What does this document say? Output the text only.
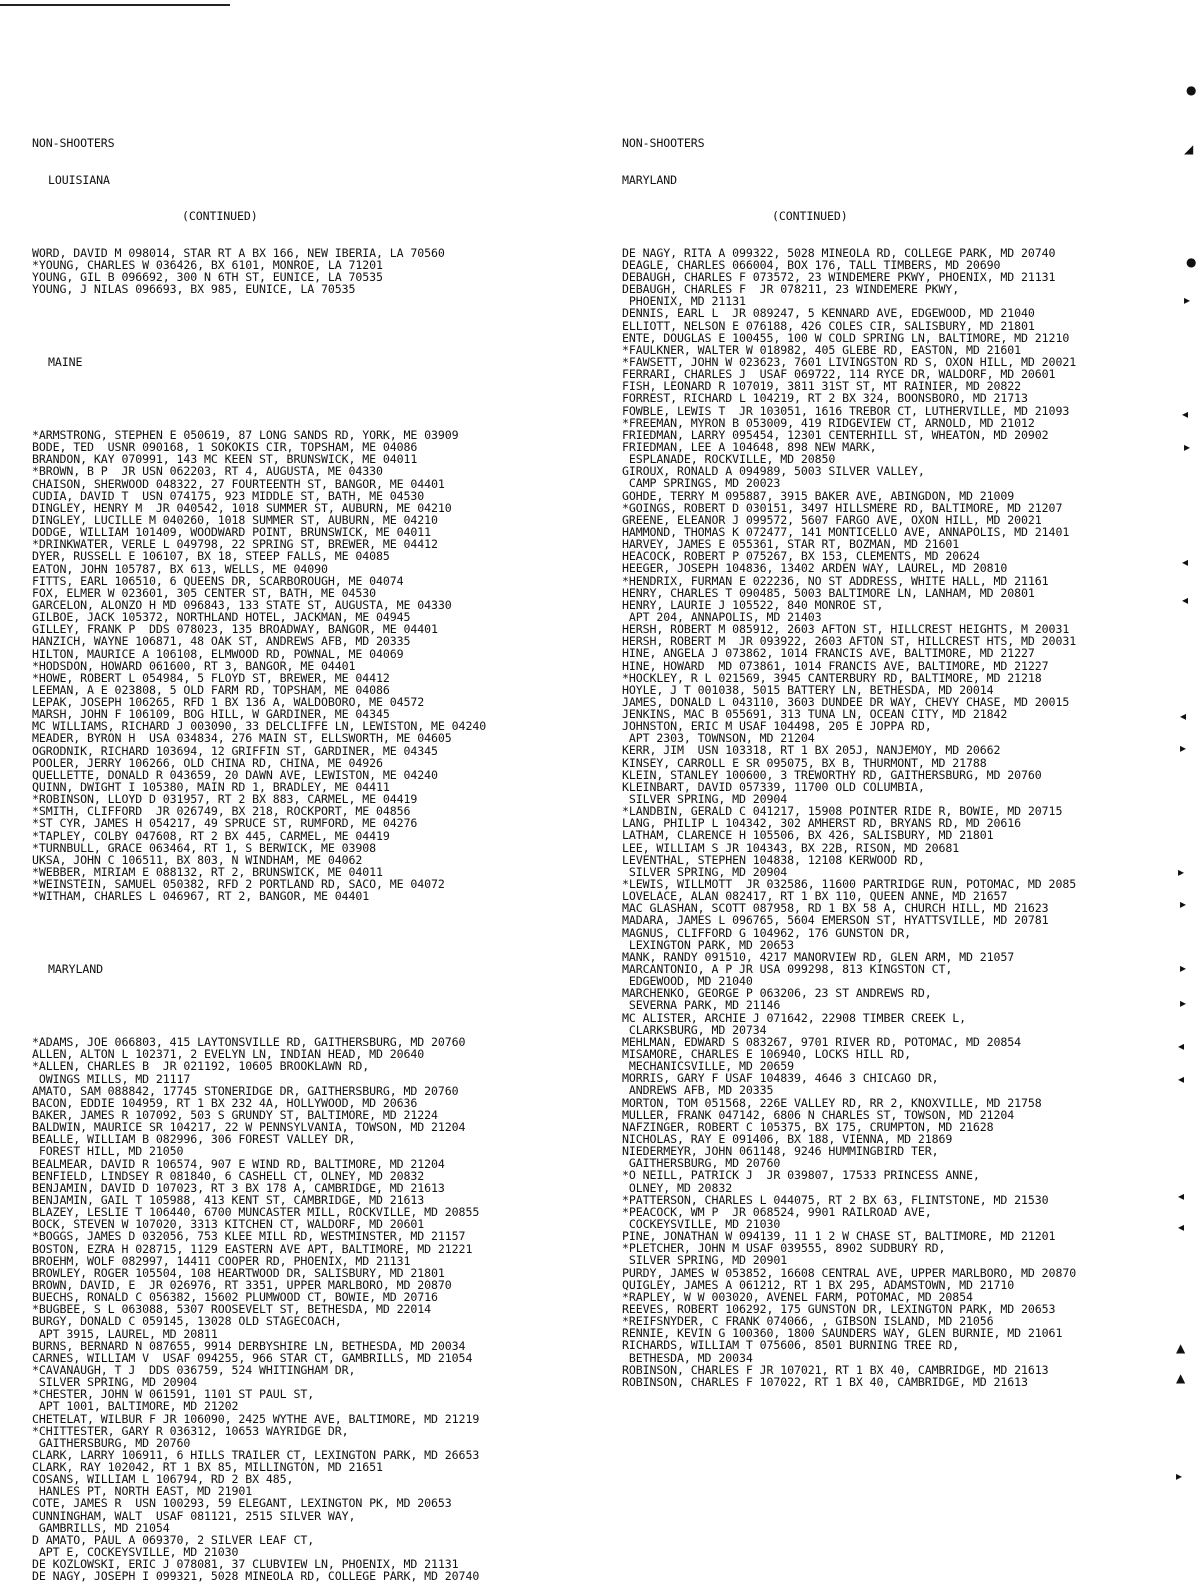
NON-SHOOTERS

LOUISIANA

(CONTINUED)

WORD, DAVID M 098014, STAR RT A BX 166, NEW IBERIA, LA 70560
*YOUNG, CHARLES W 036426, BX 6101, MONROE, LA 71201
YOUNG, GIL B 096692, 300 N 6TH ST, EUNICE, LA 70535
YOUNG, J NILAS 096693, BX 985, EUNICE, LA 70535

MAINE

*ARMSTRONG, STEPHEN E 050619, 87 LONG SANDS RD, YORK, ME 03909
BODE, TED  USNR 090168, 1 SOKOKIS CIR, TOPSHAM, ME 04086
BRANDON, KAY 070991, 143 MC KEEN ST, BRUNSWICK, ME 04011
*BROWN, B P  JR USN 062203, RT 4, AUGUSTA, ME 04330
CHAISON, SHERWOOD 048322, 27 FOURTEENTH ST, BANGOR, ME 04401
CUDIA, DAVID T  USN 074175, 923 MIDDLE ST, BATH, ME 04530
DINGLEY, HENRY M  JR 040542, 1018 SUMMER ST, AUBURN, ME 04210
DINGLEY, LUCILLE M 040260, 1018 SUMMER ST, AUBURN, ME 04210
DODGE, WILLIAM 101409, WOODWARD POINT, BRUNSWICK, ME 04011
*DRINKWATER, VERLE L 049798, 22 SPRING ST, BREWER, ME 04412
DYER, RUSSELL E 106107, BX 18, STEEP FALLS, ME 04085
EATON, JOHN 105787, BX 613, WELLS, ME 04090
FITTS, EARL 106510, 6 QUEENS DR, SCARBOROUGH, ME 04074
FOX, ELMER W 023601, 305 CENTER ST, BATH, ME 04530
GARCELON, ALONZO H MD 096843, 133 STATE ST, AUGUSTA, ME 04330
GILBOE, JACK 105372, NORTHLAND HOTEL, JACKMAN, ME 04945
GILLEY, FRANK P  DDS 078023, 135 BROADWAY, BANGOR, ME 04401
HANZICH, WAYNE 106871, 48 OAK ST, ANDREWS AFB, MD 20335
HILTON, MAURICE A 106108, ELMWOOD RD, POWNAL, ME 04069
*HODSDON, HOWARD 061600, RT 3, BANGOR, ME 04401
*HOWE, ROBERT L 054984, 5 FLOYD ST, BREWER, ME 04412
LEEMAN, A E 023808, 5 OLD FARM RD, TOPSHAM, ME 04086
LEPAK, JOSEPH 106265, RFD 1 BX 136 A, WALDOBORO, ME 04572
MARSH, JOHN F 106109, BOG HILL, W GARDINER, ME 04345
MC WILLIAMS, RICHARD J 003090, 33 DELCLIFFE LN, LEWISTON, ME 04240
MEADER, BYRON H  USA 034834, 276 MAIN ST, ELLSWORTH, ME 04605
OGRODNIK, RICHARD 103694, 12 GRIFFIN ST, GARDINER, ME 04345
POOLER, JERRY 106266, OLD CHINA RD, CHINA, ME 04926
QUELLETTE, DONALD R 043659, 20 DAWN AVE, LEWISTON, ME 04240
QUINN, DWIGHT I 105380, MAIN RD 1, BRADLEY, ME 04411
*ROBINSON, LLOYD D 031957, RT 2 BX 883, CARMEL, ME 04419
*SMITH, CLIFFORD  JR 026749, BX 218, ROCKPORT, ME 04856
*ST CYR, JAMES H 054217, 49 SPRUCE ST, RUMFORD, ME 04276
*TAPLEY, COLBY 047608, RT 2 BX 445, CARMEL, ME 04419
*TURNBULL, GRACE 063464, RT 1, S BERWICK, ME 03908
UKSA, JOHN C 106511, BX 803, N WINDHAM, ME 04062
*WEBBER, MIRIAM E 088132, RT 2, BRUNSWICK, ME 04011
*WEINSTEIN, SAMUEL 050382, RFD 2 PORTLAND RD, SACO, ME 04072
*WITHAM, CHARLES L 046967, RT 2, BANGOR, ME 04401

MARYLAND

*ADAMS, JOE 066803, 415 LAYTONSVILLE RD, GAITHERSBURG, MD 20760
ALLEN, ALTON L 102371, 2 EVELYN LN, INDIAN HEAD, MD 20640
*ALLEN, CHARLES B  JR 021192, 10605 BROOKLAWN RD,
OWINGS MILLS, MD 21117
AMATO, SAM 088842, 17745 STONERIDGE DR, GAITHERSBURG, MD 20760
BACON, EDDIE 104959, RT 1 BX 232 4A, HOLLYWOOD, MD 20636
BAKER, JAMES R 107092, 503 S GRUNDY ST, BALTIMORE, MD 21224
BALDWIN, MAURICE SR 104217, 22 W PENNSYLVANIA, TOWSON, MD 21204
BEALLE, WILLIAM B 082996, 306 FOREST VALLEY DR,
FOREST HILL, MD 21050
BEALMEAR, DAVID R 106574, 907 E WIND RD, BALTIMORE, MD 21204
BENFIELD, LINDSEY R 081840, 6 CASHELL CT, OLNEY, MD 20832
BENJAMIN, DAVID D 107023, RT 3 BX 178 A, CAMBRIDGE, MD 21613
BENJAMIN, GAIL T 105988, 413 KENT ST, CAMBRIDGE, MD 21613
BLAZEY, LESLIE T 106440, 6700 MUNCASTER MILL, ROCKVILLE, MD 20855
BOCK, STEVEN W 107020, 3313 KITCHEN CT, WALDORF, MD 20601
*BOGGS, JAMES D 032056, 753 KLEE MILL RD, WESTMINSTER, MD 21157
BOSTON, EZRA H 028715, 1129 EASTERN AVE APT, BALTIMORE, MD 21221
BROEHM, WOLF 082997, 14411 COOPER RD, PHOENIX, MD 21131
BROWLEY, ROGER 105504, 108 HEARTWOOD DR, SALISBURY, MD 21801
BROWN, DAVID, E  JR 026976, RT 3351, UPPER MARLBORO, MD 20870
BUECHS, RONALD C 056382, 15602 PLUMWOOD CT, BOWIE, MD 20716
*BUGBEE, S L 063088, 5307 ROOSEVELT ST, BETHESDA, MD 22014
BURGY, DONALD C 059145, 13028 OLD STAGECOACH,
APT 3915, LAUREL, MD 20811
BURNS, BERNARD N 087655, 9914 DERBYSHIRE LN, BETHESDA, MD 20034
CARNES, WILLIAM V  USAF 094255, 966 STAR CT, GAMBRILLS, MD 21054
*CAVANAUGH, T J  DDS 036759, 524 WHITINGHAM DR,
SILVER SPRING, MD 20904
*CHESTER, JOHN W 061591, 1101 ST PAUL ST,
APT 1001, BALTIMORE, MD 21202
CHETELAT, WILBUR F JR 106090, 2425 WYTHE AVE, BALTIMORE, MD 21219
*CHITTESTER, GARY R 036312, 10653 WAYRIDGE DR,
GAITHERSBURG, MD 20760
CLARK, LARRY 106911, 6 HILLS TRAILER CT, LEXINGTON PARK, MD 26653
CLARK, RAY 102042, RT 1 BX 85, MILLINGTON, MD 21651
COSANS, WILLIAM L 106794, RD 2 BX 485,
HANLES PT, NORTH EAST, MD 21901
COTE, JAMES R  USN 100293, 59 ELEGANT, LEXINGTON PK, MD 20653
CUNNINGHAM, WALT  USAF 081121, 2515 SILVER WAY,
GAMBRILLS, MD 21054
D AMATO, PAUL A 069370, 2 SILVER LEAF CT,
APT E, COCKEYSVILLE, MD 21030
DE KOZLOWSKI, ERIC J 078081, 37 CLUBVIEW LN, PHOENIX, MD 21131
DE NAGY, JOSEPH I 099321, 5028 MINEOLA RD, COLLEGE PARK, MD 20740

NON-SHOOTERS

MARYLAND

(CONTINUED)

DE NAGY, RITA A 099322, 5028 MINEOLA RD, COLLEGE PARK, MD 20740
DEAGLE, CHARLES 066004, BOX 176, TALL TIMBERS, MD 20690
DEBAUGH, CHARLES F 073572, 23 WINDEMERE PKWY, PHOENIX, MD 21131
DEBAUGH, CHARLES F  JR 078211, 23 WINDEMERE PKWY,
PHOENIX, MD 21131
DENNIS, EARL L  JR 089247, 5 KENNARD AVE, EDGEWOOD, MD 21040
ELLIOTT, NELSON E 076188, 426 COLES CIR, SALISBURY, MD 21801
ENTE, DOUGLAS E 100455, 100 W COLD SPRING LN, BALTIMORE, MD 21210
*FAULKNER, WALTER W 018982, 405 GLEBE RD, EASTON, MD 21601
*FAWSETT, JOHN W 023623, 7601 LIVINGSTON RD S, OXON HILL, MD 20021
FERRARI, CHARLES J  USAF 069722, 114 RYCE DR, WALDORF, MD 20601
FISH, LEONARD R 107019, 3811 31ST ST, MT RAINIER, MD 20822
FORREST, RICHARD L 104219, RT 2 BX 324, BOONSBORO, MD 21713
FOWBLE, LEWIS T  JR 103051, 1616 TREBOR CT, LUTHERVILLE, MD 21093
*FREEMAN, MYRON B 053009, 419 RIDGEVIEW CT, ARNOLD, MD 21012
FRIEDMAN, LARRY 095454, 12301 CENTERHILL ST, WHEATON, MD 20902
FRIEDMAN, LEE A 104648, 898 NEW MARK,
ESPLANADE, ROCKVILLE, MD 20850
GIROUX, RONALD A 094989, 5003 SILVER VALLEY,
CAMP SPRINGS, MD 20023
GOHDE, TERRY M 095887, 3915 BAKER AVE, ABINGDON, MD 21009
*GOINGS, ROBERT D 030151, 3497 HILLSMERE RD, BALTIMORE, MD 21207
GREENE, ELEANOR J 099572, 5607 FARGO AVE, OXON HILL, MD 20021
HAMMOND, THOMAS K 072477, 141 MONTICELLO AVE, ANNAPOLIS, MD 21401
HARVEY, JAMES E 055361, STAR RT, BOZMAN, MD 21601
HEACOCK, ROBERT P 075267, BX 153, CLEMENTS, MD 20624
HEEGER, JOSEPH 104836, 13402 ARDEN WAY, LAUREL, MD 20810
*HENDRIX, FURMAN E 022236, NO ST ADDRESS, WHITE HALL, MD 21161
HENRY, CHARLES T 090485, 5003 BALTIMORE LN, LANHAM, MD 20801
HENRY, LAURIE J 105522, 840 MONROE ST,
APT 204, ANNAPOLIS, MD 21403
HERSH, ROBERT M 085912, 2603 AFTON ST, HILLCREST HEIGHTS, M 20031
HERSH, ROBERT M  JR 093922, 2603 AFTON ST, HILLCREST HTS, MD 20031
HINE, ANGELA J 073862, 1014 FRANCIS AVE, BALTIMORE, MD 21227
HINE, HOWARD  MD 073861, 1014 FRANCIS AVE, BALTIMORE, MD 21227
*HOCKLEY, R L 021569, 3945 CANTERBURY RD, BALTIMORE, MD 21218
HOYLE, J T 001038, 5015 BATTERY LN, BETHESDA, MD 20014
JAMES, DONALD L 043110, 3603 DUNDEE DR WAY, CHEVY CHASE, MD 20015
JENKINS, MAC B 055691, 313 TUNA LN, OCEAN CITY, MD 21842
JOHNSTON, ERIC M USAF 104498, 205 E JOPPA RD,
APT 2303, TOWNSON, MD 21204
KERR, JIM  USN 103318, RT 1 BX 205J, NANJEMOY, MD 20662
KINSEY, CARROLL E SR 095075, BX B, THURMONT, MD 21788
KLEIN, STANLEY 100600, 3 TREWORTHY RD, GAITHERSBURG, MD 20760
KLEINBART, DAVID 057339, 11700 OLD COLUMBIA,
SILVER SPRING, MD 20904
*LANDBIN, GERALD C 041217, 15908 POINTER RIDE R, BOWIE, MD 20715
LANG, PHILIP L 104342, 302 AMHERST RD, BRYANS RD, MD 20616
LATHAM, CLARENCE H 105506, BX 426, SALISBURY, MD 21801
LEE, WILLIAM S JR 104343, BX 22B, RISON, MD 20681
LEVENTHAL, STEPHEN 104838, 12108 KERWOOD RD,
SILVER SPRING, MD 20904
*LEWIS, WILLMOTT  JR 032586, 11600 PARTRIDGE RUN, POTOMAC, MD 2085
LOVELACE, ALAN 082417, RT 1 BX 110, QUEEN ANNE, MD 21657
MAC GLASHAN, SCOTT 087958, RD 1 BX 58 A, CHURCH HILL, MD 21623
MADARA, JAMES L 096765, 5604 EMERSON ST, HYATTSVILLE, MD 20781
MAGNUS, CLIFFORD G 104962, 176 GUNSTON DR,
LEXINGTON PARK, MD 20653
MANK, RANDY 091510, 4217 MANORVIEW RD, GLEN ARM, MD 21057
MARCANTONIO, A P JR USA 099298, 813 KINGSTON CT,
EDGEWOOD, MD 21040
MARCHENKO, GEORGE P 063206, 23 ST ANDREWS RD,
SEVERNA PARK, MD 21146
MC ALISTER, ARCHIE J 071642, 22908 TIMBER CREEK L,
CLARKSBURG, MD 20734
MEHLMAN, EDWARD S 083267, 9701 RIVER RD, POTOMAC, MD 20854
MISAMORE, CHARLES E 106940, LOCKS HILL RD,
MECHANICSVILLE, MD 20659
MORRIS, GARY F USAF 104839, 4646 3 CHICAGO DR,
ANDREWS AFB, MD 20335
MORTON, TOM 051568, 226E VALLEY RD, RR 2, KNOXVILLE, MD 21758
MULLER, FRANK 047142, 6806 N CHARLES ST, TOWSON, MD 21204
NAFZINGER, ROBERT C 105375, BX 175, CRUMPTON, MD 21628
NICHOLAS, RAY E 091406, BX 188, VIENNA, MD 21869
NIEDERMEYR, JOHN 061148, 9246 HUMMINGBIRD TER,
GAITHERSBURG, MD 20760
*O NEILL, PATRICK J  JR 039807, 17533 PRINCESS ANNE,
OLNEY, MD 20832
*PATTERSON, CHARLES L 044075, RT 2 BX 63, FLINTSTONE, MD 21530
*PEACOCK, WM P  JR 068524, 9901 RAILROAD AVE,
COCKEYSVILLE, MD 21030
PINE, JONATHAN W 094139, 11 1 2 W CHASE ST, BALTIMORE, MD 21201
*PLETCHER, JOHN M USAF 039555, 8902 SUDBURY RD,
SILVER SPRING, MD 20901
PURDY, JAMES W 053852, 16608 CENTRAL AVE, UPPER MARLBORO, MD 20870
QUIGLEY, JAMES A 061212, RT 1 BX 295, ADAMSTOWN, MD 21710
*RAPLEY, W W 003020, AVENEL FARM, POTOMAC, MD 20854
REEVES, ROBERT 106292, 175 GUNSTON DR, LEXINGTON PARK, MD 20653
*REIFSNYDER, C FRANK 074066, , GIBSON ISLAND, MD 21056
RENNIE, KEVIN G 100360, 1800 SAUNDERS WAY, GLEN BURNIE, MD 21061
RICHARDS, WILLIAM T 075606, 8501 BURNING TREE RD,
BETHESDA, MD 20034
ROBINSON, CHARLES F JR 107021, RT 1 BX 40, CAMBRIDGE, MD 21613
ROBINSON, CHARLES F 107022, RT 1 BX 40, CAMBRIDGE, MD 21613

●
◢
●
▸
◂
▸
◂
◂
◂
▸
▸
▸
▸
▸
◂
◂
◂
◂
▲
▲
▸
